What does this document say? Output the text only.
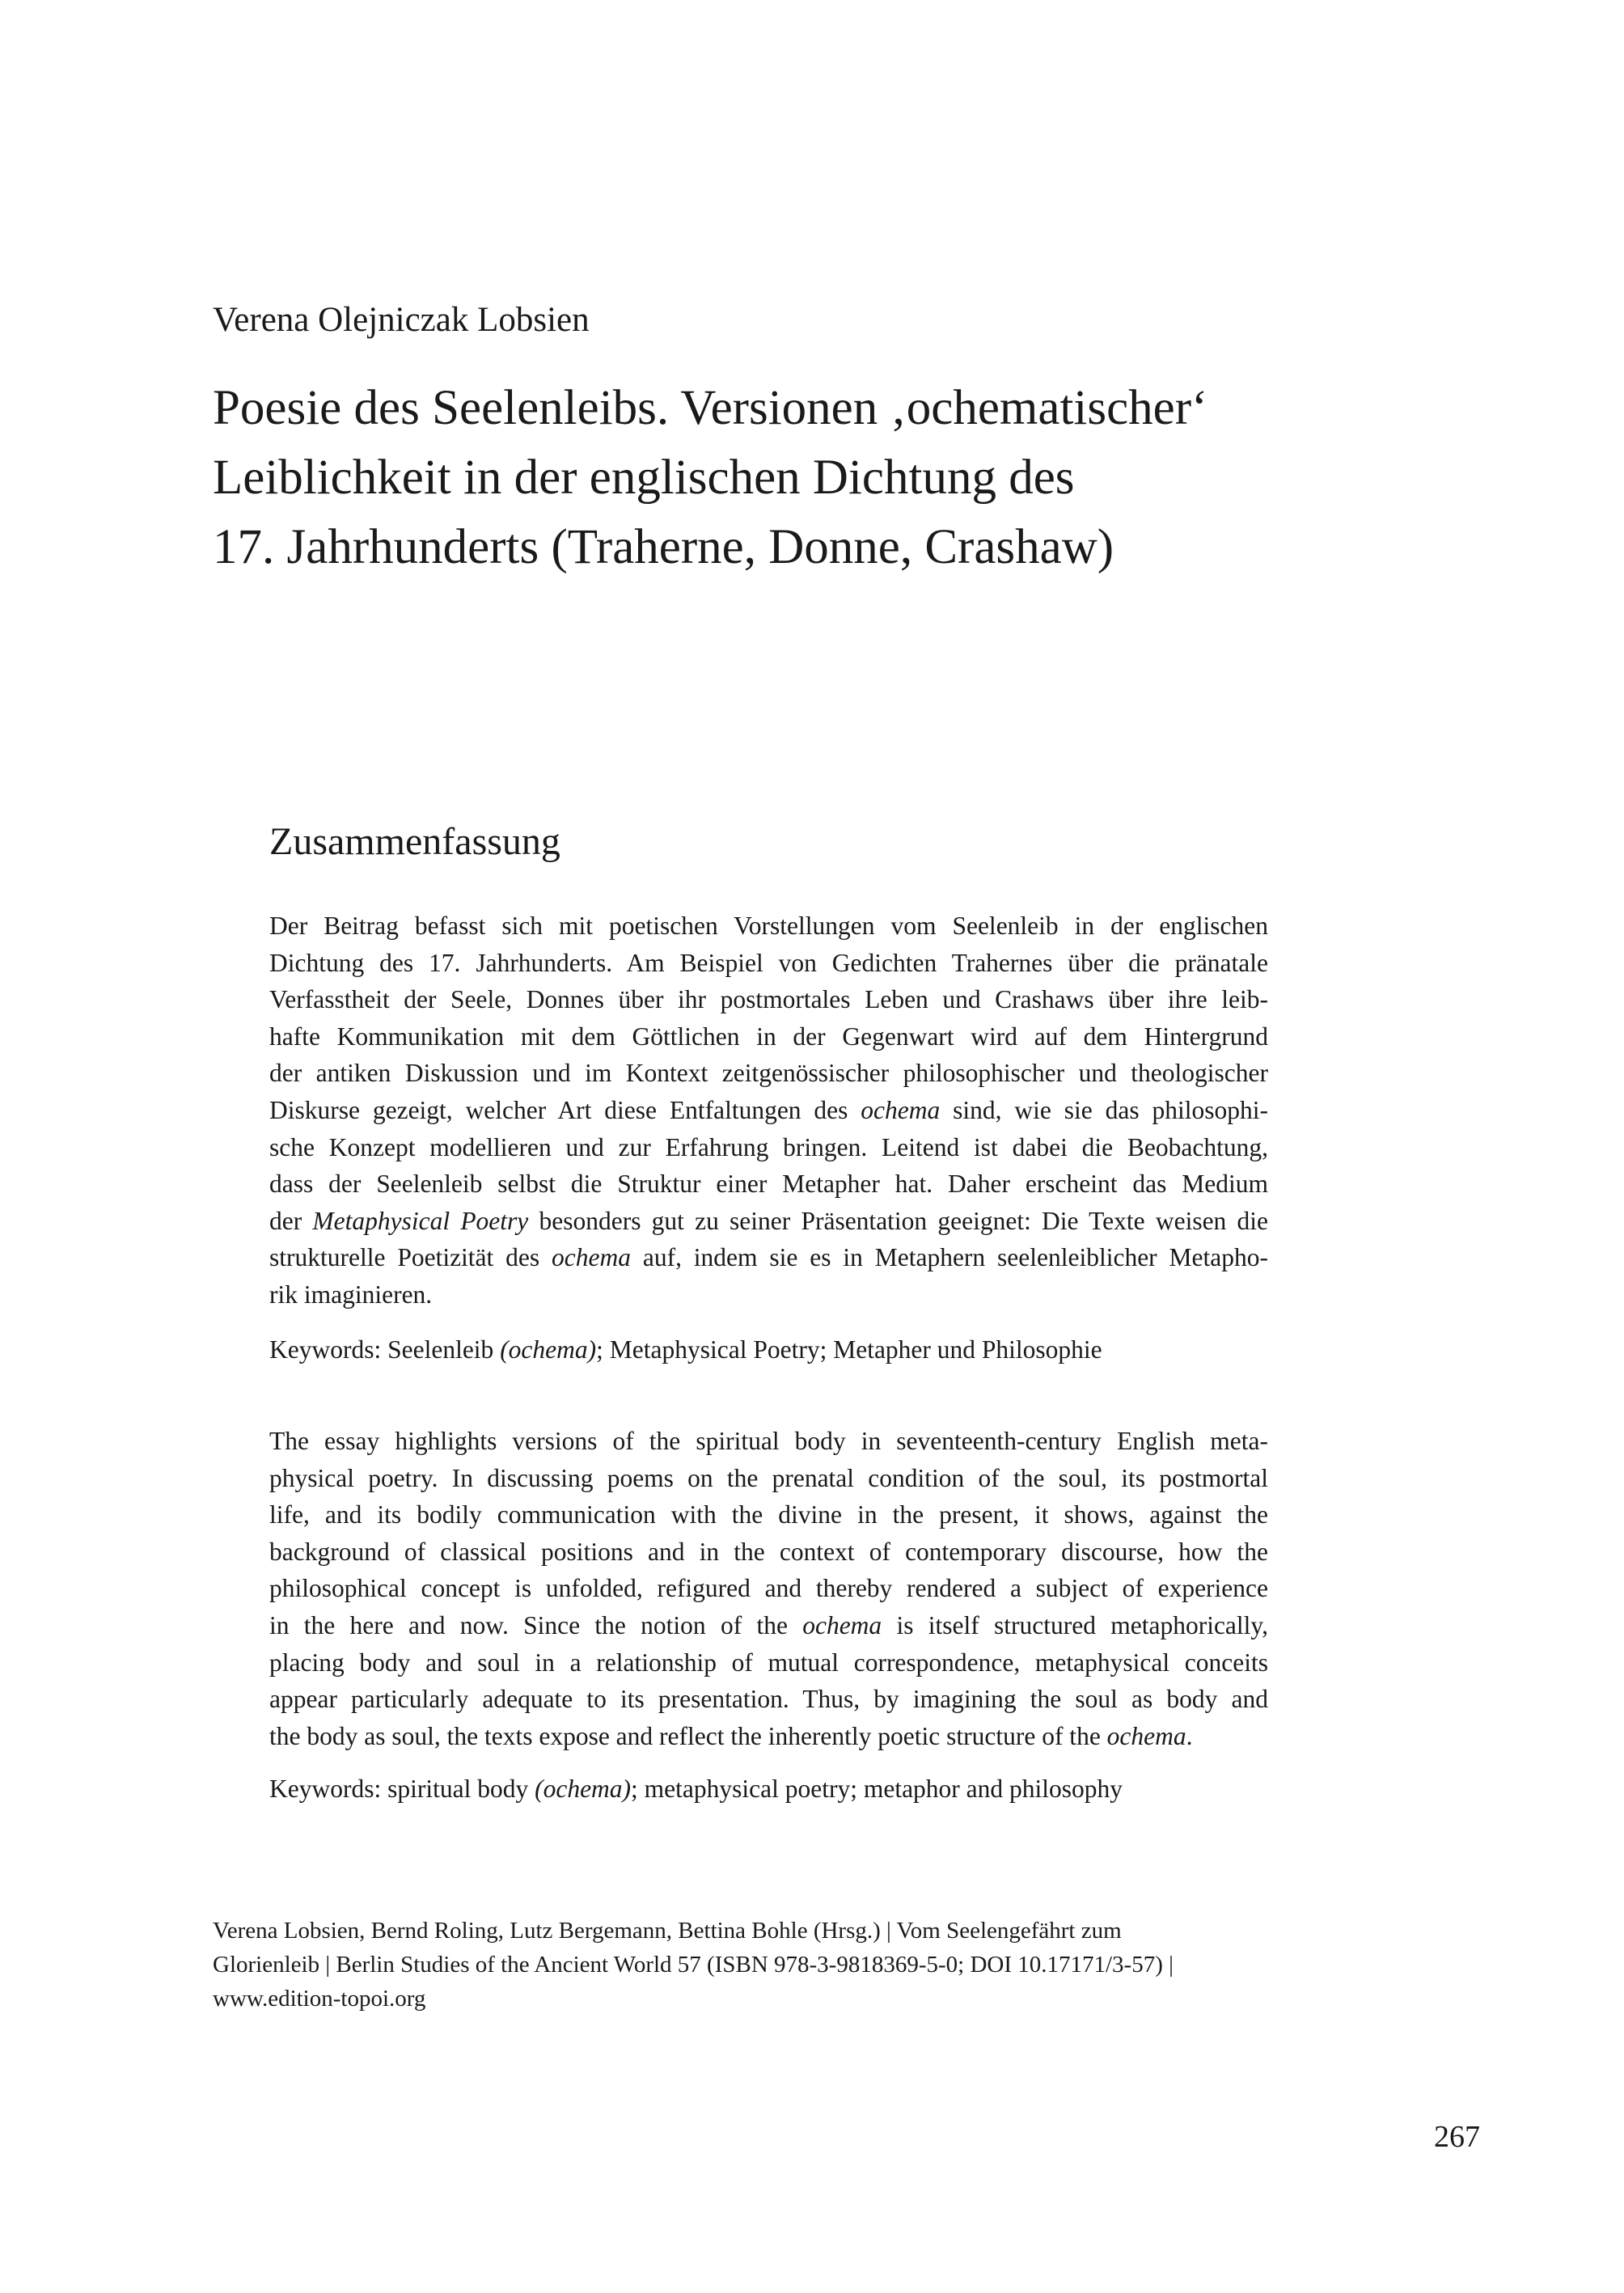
Verena Olejniczak Lobsien
Poesie des Seelenleibs. Versionen ‚ochematischer‘
Leiblichkeit in der englischen Dichtung des
17. Jahrhunderts (Traherne, Donne, Crashaw)
Zusammenfassung
Der Beitrag befasst sich mit poetischen Vorstellungen vom Seelenleib in der englischen
Dichtung des 17. Jahrhunderts. Am Beispiel von Gedichten Trahernes über die pränatale
Verfasstheit der Seele, Donnes über ihr postmortales Leben und Crashaws über ihre leib-
hafte Kommunikation mit dem Göttlichen in der Gegenwart wird auf dem Hintergrund
der antiken Diskussion und im Kontext zeitgenössischer philosophischer und theologischer
Diskurse gezeigt, welcher Art diese Entfaltungen des ochema sind, wie sie das philosophi-
sche Konzept modellieren und zur Erfahrung bringen. Leitend ist dabei die Beobachtung,
dass der Seelenleib selbst die Struktur einer Metapher hat. Daher erscheint das Medium
der Metaphysical Poetry besonders gut zu seiner Präsentation geeignet: Die Texte weisen die
strukturelle Poetizität des ochema auf, indem sie es in Metaphern seelenleiblicher Metapho-
rik imaginieren.
Keywords: Seelenleib (ochema); Metaphysical Poetry; Metapher und Philosophie
The essay highlights versions of the spiritual body in seventeenth-century English meta-
physical poetry. In discussing poems on the prenatal condition of the soul, its postmortal
life, and its bodily communication with the divine in the present, it shows, against the
background of classical positions and in the context of contemporary discourse, how the
philosophical concept is unfolded, refigured and thereby rendered a subject of experience
in the here and now. Since the notion of the ochema is itself structured metaphorically,
placing body and soul in a relationship of mutual correspondence, metaphysical conceits
appear particularly adequate to its presentation. Thus, by imagining the soul as body and
the body as soul, the texts expose and reflect the inherently poetic structure of the ochema.
Keywords: spiritual body (ochema); metaphysical poetry; metaphor and philosophy
Verena Lobsien, Bernd Roling, Lutz Bergemann, Bettina Bohle (Hrsg.) | Vom Seelengefährt zum
Glorienleib | Berlin Studies of the Ancient World 57 (ISBN 978-3-9818369-5-0; DOI 10.17171/3-57) |
www.edition-topoi.org
267
